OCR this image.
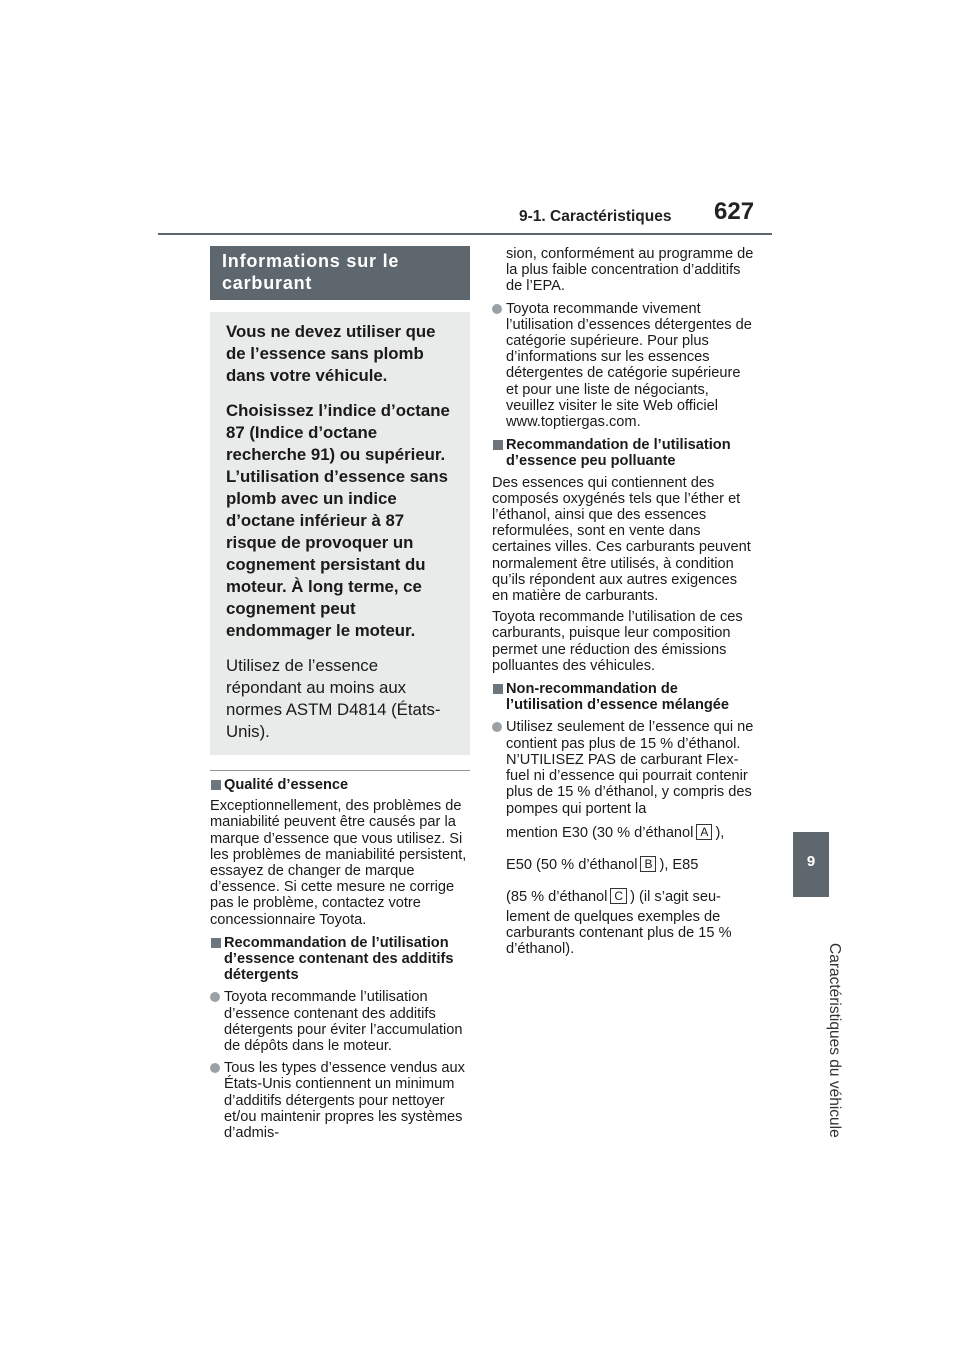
9-1. Caractéristiques 627
9
Caractéristiques du véhicule
Informations sur le carburant

Vous ne devez utiliser que de l’essence sans plomb dans votre véhicule.

Choisissez l’indice d’octane 87 (Indice d’octane recherche 91) ou supérieur. L’utilisation d’essence sans plomb avec un indice d’octane inférieur à 87 risque de provoquer un cognement persistant du moteur. À long terme, ce cognement peut endommager le moteur.

Utilisez de l’essence répondant au moins aux normes ASTM D4814 (États-Unis).

Qualité d’essence
Exceptionnellement, des problèmes de maniabilité peuvent être causés par la marque d’essence que vous utilisez. Si les problèmes de maniabilité persistent, essayez de changer de marque d’essence. Si cette mesure ne corrige pas le problème, contactez votre concessionnaire Toyota.
Recommandation de l’utilisation d’essence contenant des additifs détergents
Toyota recommande l’utilisation d’essence contenant des additifs détergents pour éviter l’accumulation de dépôts dans le moteur.
Tous les types d’essence vendus aux États-Unis contiennent un minimum d’additifs détergents pour nettoyer et/ou maintenir propres les systèmes d’admis-
sion, conformément au programme de la plus faible concentration d’additifs de l’EPA.
Toyota recommande vivement l’utilisation d’essences détergentes de catégorie supérieure. Pour plus d’informations sur les essences détergentes de catégorie supérieure et pour une liste de négociants, veuillez visiter le site Web officiel www.toptiergas.com.
Recommandation de l’utilisation d’essence peu polluante
Des essences qui contiennent des composés oxygénés tels que l’éther et l’éthanol, ainsi que des essences reformulées, sont en vente dans certaines villes. Ces carburants peuvent normalement être utilisés, à condition qu’ils répondent aux autres exigences en matière de carburants.
Toyota recommande l’utilisation de ces carburants, puisque leur composition permet une réduction des émissions polluantes des véhicules.
Non-recommandation de l’utilisation d’essence mélangée
Utilisez seulement de l’essence qui ne contient pas plus de 15 % d’éthanol.
N’UTILISEZ PAS de carburant Flex-fuel ni d’essence qui pourrait contenir plus de 15 % d’éthanol, y compris des pompes qui portent la
mention E30 (30 % d’éthanol A ),
E50 (50 % d’éthanol B ), E85
(85 % d’éthanol C ) (il s’agit seu-
lement de quelques exemples de carburants contenant plus de 15 % d’éthanol).
